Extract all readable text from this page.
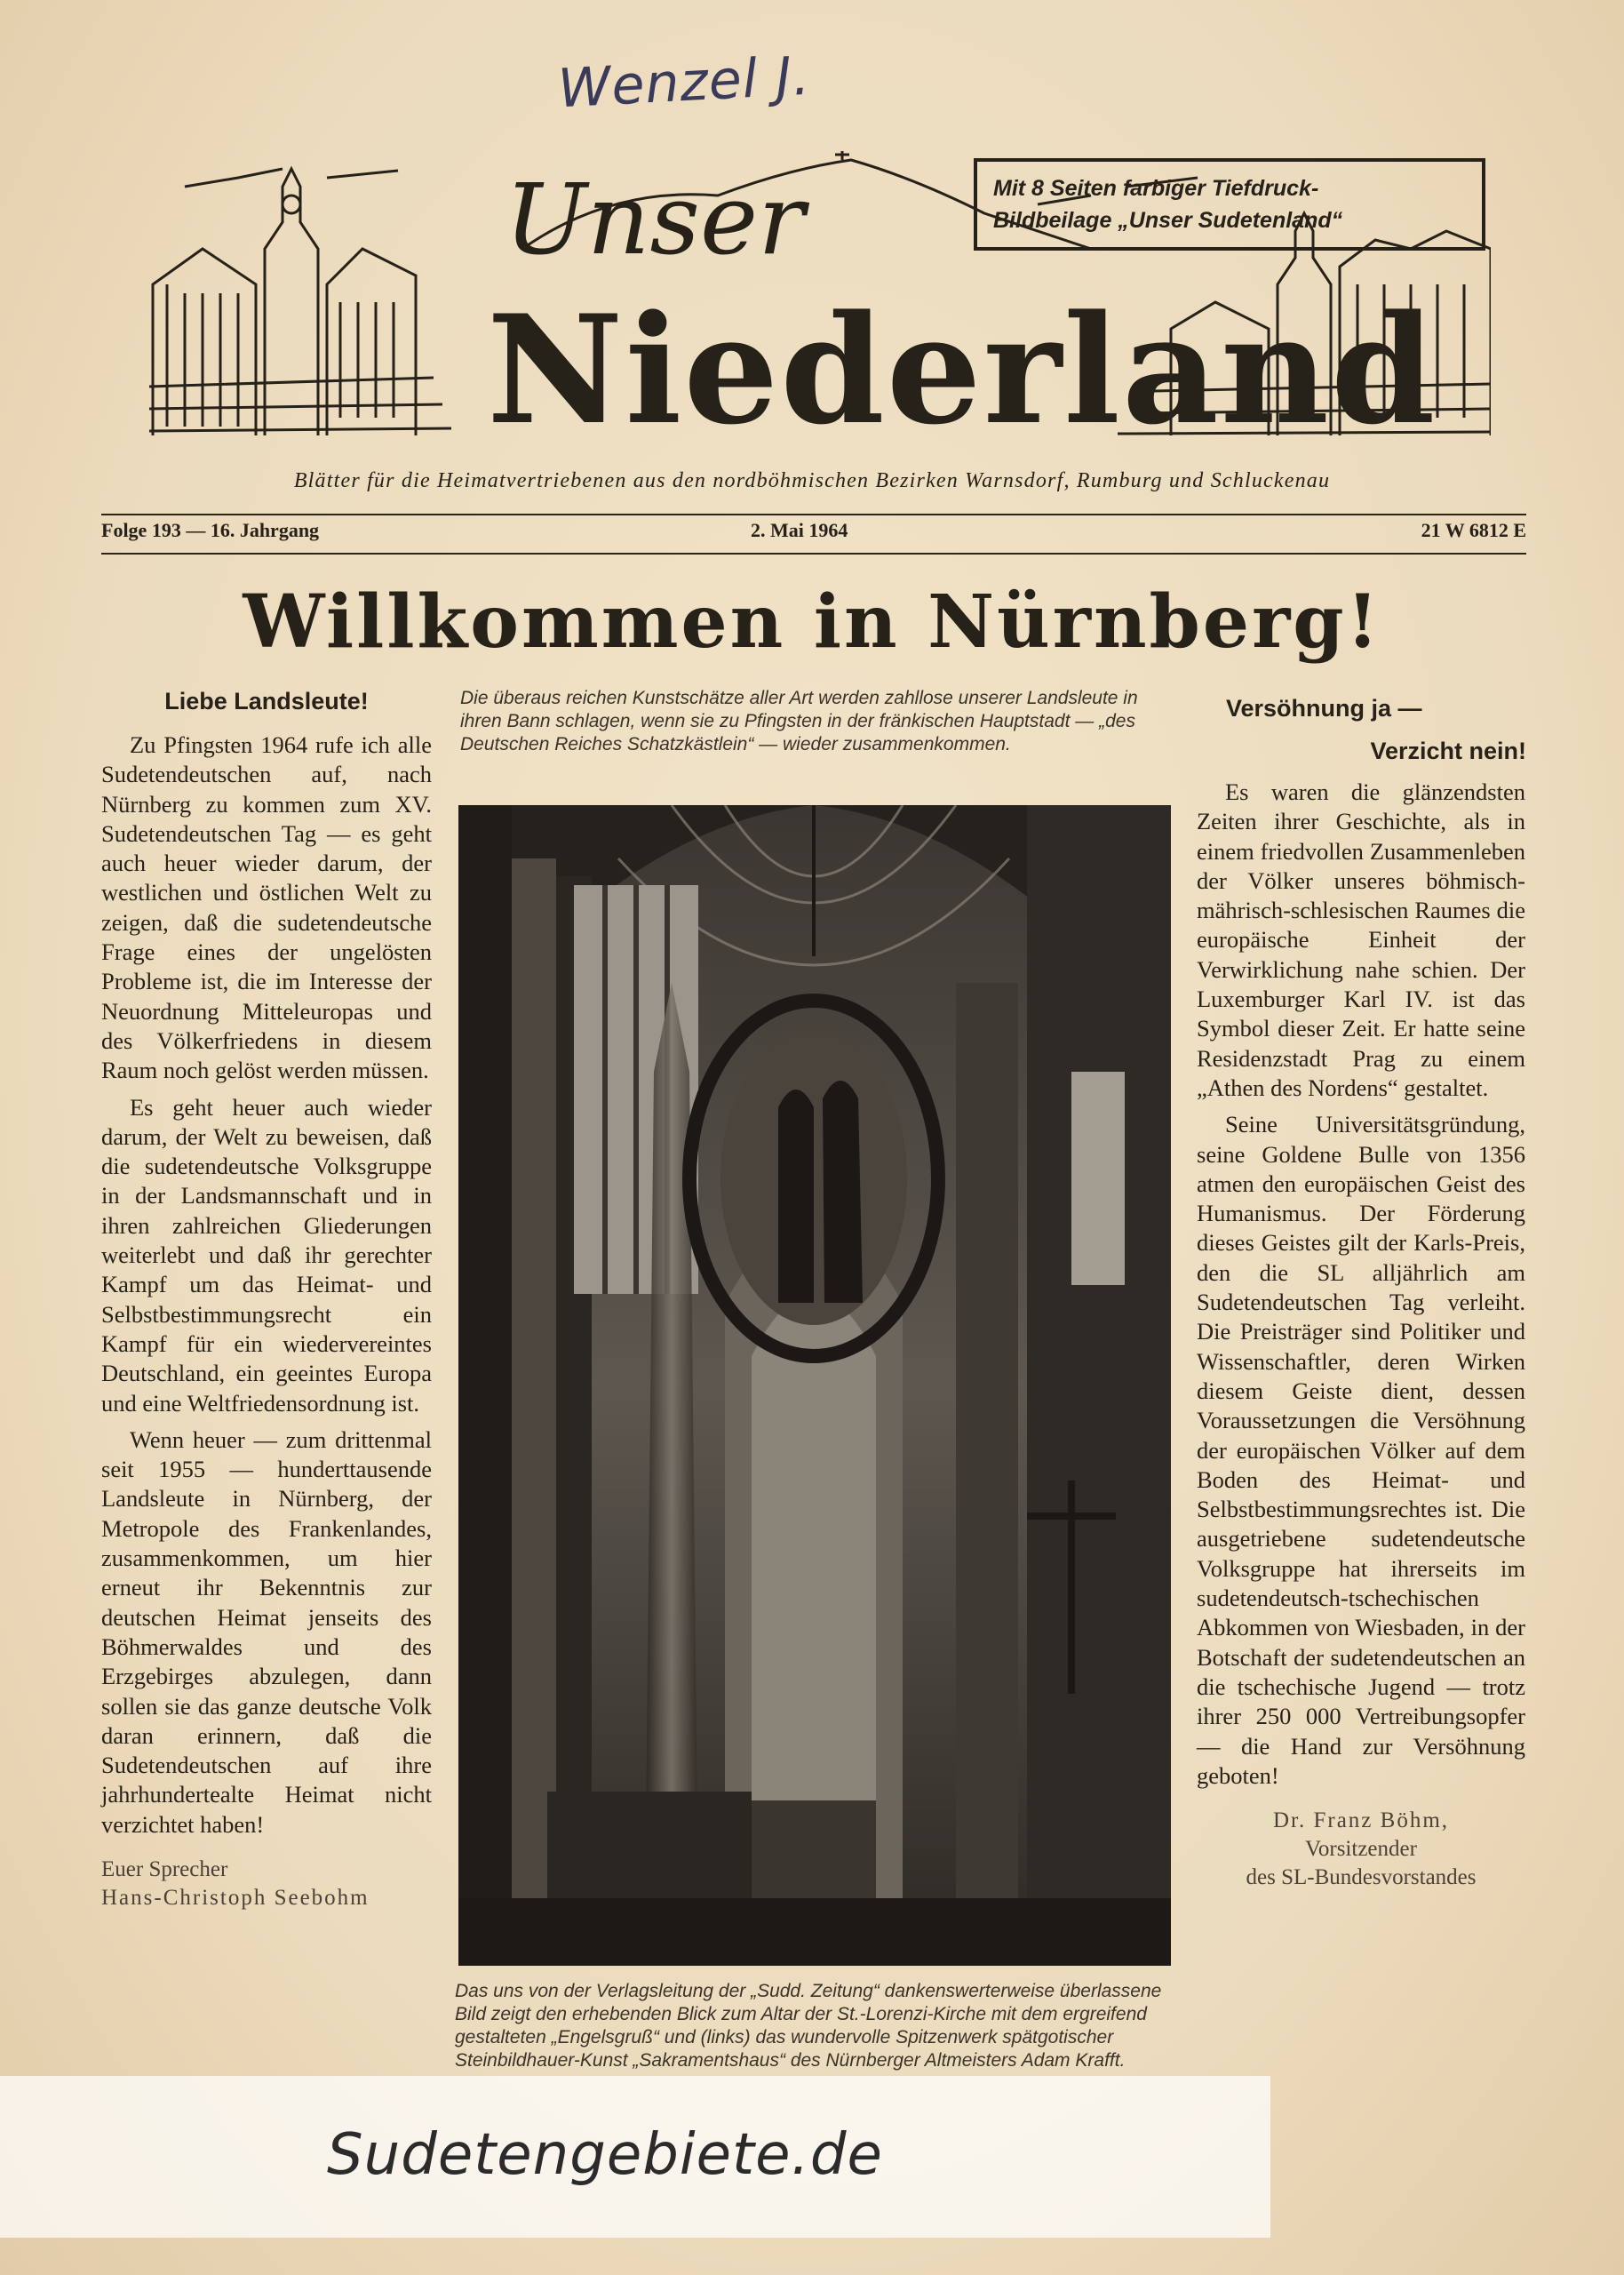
Wenzel J.
Unser
Niederland
Mit 8 Seiten farbiger Tiefdruck-
Bildbeilage „Unser Sudetenland“
Blätter für die Heimatvertriebenen aus den nordböhmischen Bezirken Warnsdorf, Rumburg und Schluckenau
Folge 193 — 16. Jahrgang	2. Mai 1964	21 W 6812 E
Willkommen in Nürnberg!
Liebe Landsleute!

Zu Pfingsten 1964 rufe ich alle Sudetendeutschen auf, nach Nürnberg zu kommen zum XV. Sudetendeutschen Tag — es geht auch heuer wieder darum, der westlichen und östlichen Welt zu zeigen, daß die sudetendeutsche Frage eines der ungelösten Probleme ist, die im Interesse der Neuordnung Mitteleuropas und des Völkerfriedens in diesem Raum noch gelöst werden müssen.

Es geht heuer auch wieder darum, der Welt zu beweisen, daß die sudetendeutsche Volksgruppe in der Landsmannschaft und in ihren zahlreichen Gliederungen weiterlebt und daß ihr gerechter Kampf um das Heimat- und Selbstbestimmungsrecht ein Kampf für ein wiedervereintes Deutschland, ein geeintes Europa und eine Weltfriedensordnung ist.

Wenn heuer — zum drittenmal seit 1955 — hunderttausende Landsleute in Nürnberg, der Metropole des Frankenlandes, zusammenkommen, um hier erneut ihr Bekenntnis zur deutschen Heimat jenseits des Böhmerwaldes und des Erzgebirges abzulegen, dann sollen sie das ganze deutsche Volk daran erinnern, daß die Sudetendeutschen auf ihre jahrhundertealte Heimat nicht verzichtet haben!

Euer Sprecher
Hans-Christoph Seebohm
Die überaus reichen Kunstschätze aller Art werden zahllose unserer Landsleute in ihren Bann schlagen, wenn sie zu Pfingsten in der fränkischen Hauptstadt — „des Deutschen Reiches Schatzkästlein“ — wieder zusammenkommen.
Das uns von der Verlagsleitung der „Sudd. Zeitung“ dankenswerterweise überlassene Bild zeigt den erhebenden Blick zum Altar der St.-Lorenzi-Kirche mit dem ergreifend gestalteten „Engelsgruß“ und (links) das wundervolle Spitzenwerk spätgotischer Steinbildhauer-Kunst „Sakramentshaus“ des Nürnberger Altmeisters Adam Krafft.
Versöhnung ja —
Verzicht nein!

Es waren die glänzendsten Zeiten ihrer Geschichte, als in einem friedvollen Zusammenleben der Völker unseres böhmisch-mährisch-schlesischen Raumes die europäische Einheit der Verwirklichung nahe schien. Der Luxemburger Karl IV. ist das Symbol dieser Zeit. Er hatte seine Residenzstadt Prag zu einem „Athen des Nordens“ gestaltet.

Seine Universitätsgründung, seine Goldene Bulle von 1356 atmen den europäischen Geist des Humanismus. Der Förderung dieses Geistes gilt der Karls-Preis, den die SL alljährlich am Sudetendeutschen Tag verleiht. Die Preisträger sind Politiker und Wissenschaftler, deren Wirken diesem Geiste dient, dessen Voraussetzungen die Versöhnung der europäischen Völker auf dem Boden des Heimat- und Selbstbestimmungsrechtes ist. Die ausgetriebene sudetendeutsche Volksgruppe hat ihrerseits im sudetendeutsch-tschechischen Abkommen von Wiesbaden, in der Botschaft der sudetendeutschen an die tschechische Jugend — trotz ihrer 250 000 Vertreibungsopfer — die Hand zur Versöhnung geboten!

Dr. Franz Böhm,
Vorsitzender
des SL-Bundesvorstandes
Sudetengebiete.de
